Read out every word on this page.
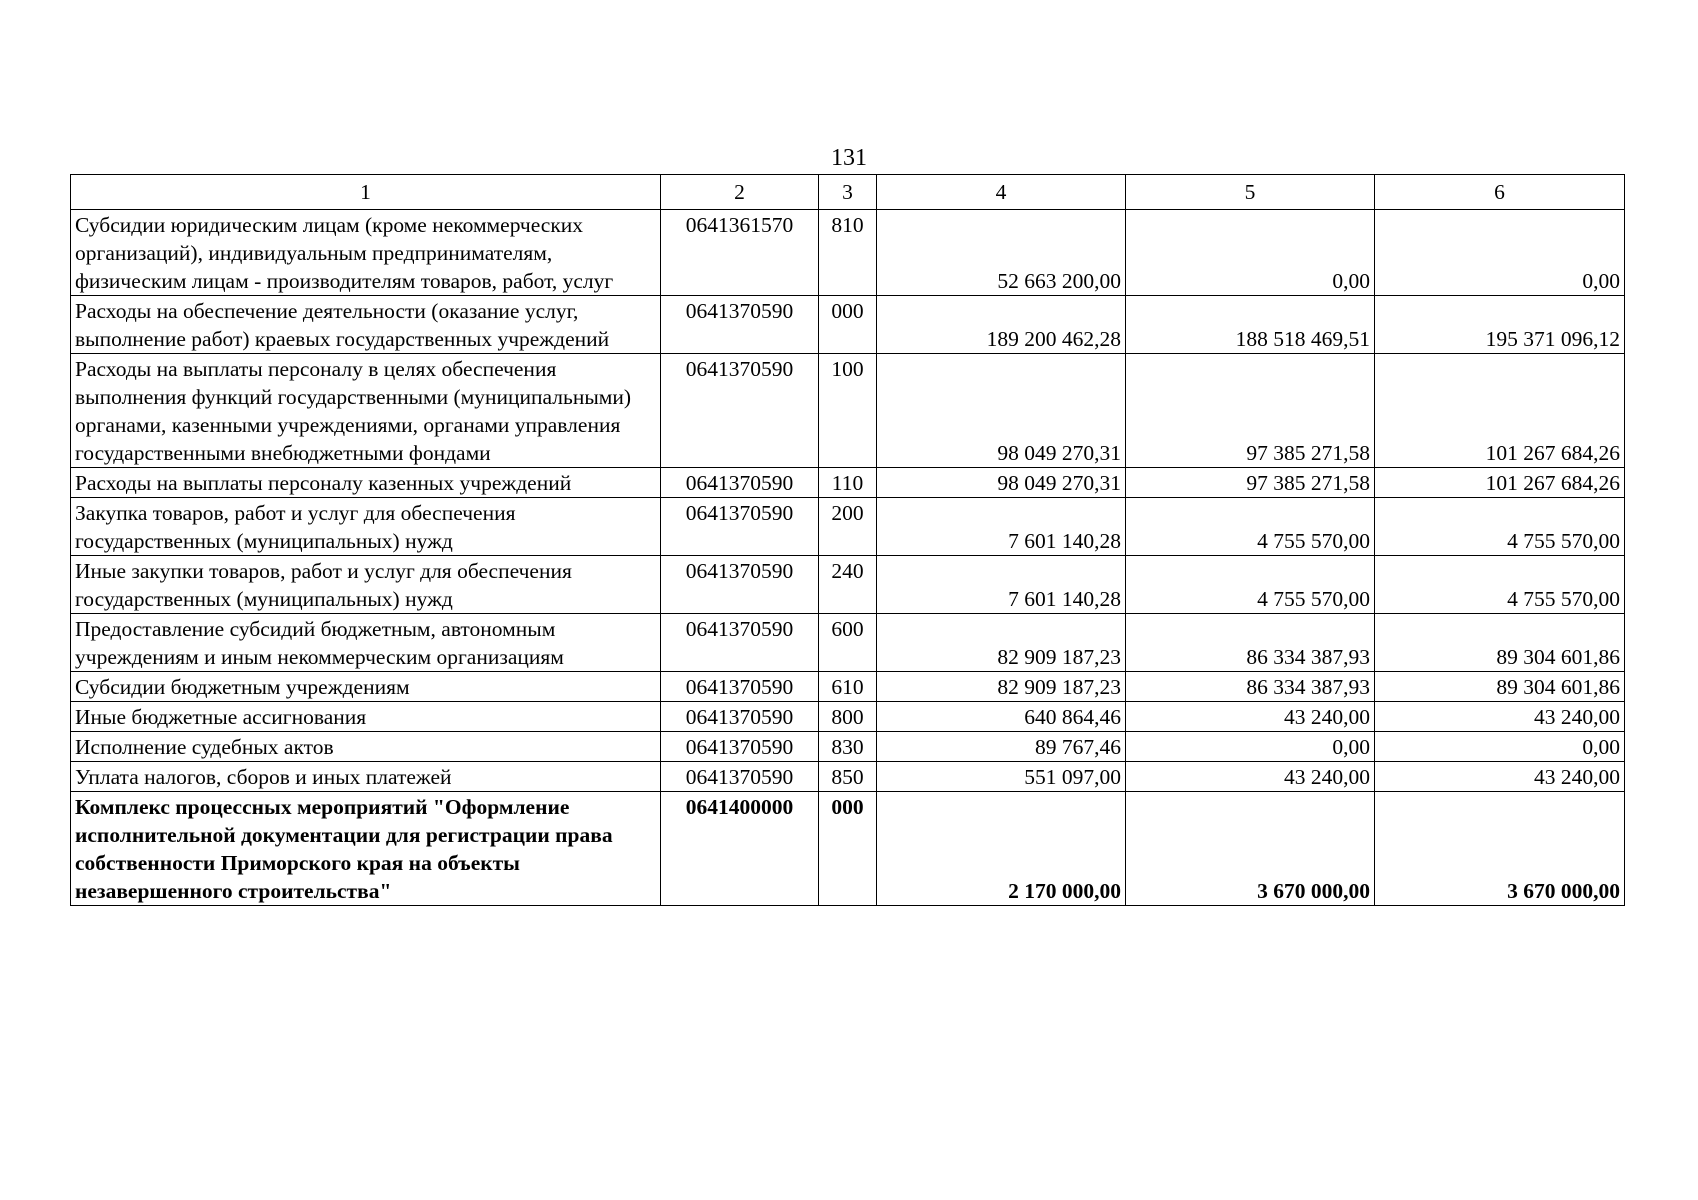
131
1	2	3	4	5	6
Субсидии юридическим лицам (кроме некоммерческих организаций), индивидуальным предпринимателям, физическим лицам - производителям товаров, работ, услуг	0641361570	810	52 663 200,00	0,00	0,00
Расходы на обеспечение деятельности (оказание услуг, выполнение работ) краевых государственных учреждений	0641370590	000	189 200 462,28	188 518 469,51	195 371 096,12
Расходы на выплаты персоналу в целях обеспечения выполнения функций государственными (муниципальными) органами, казенными учреждениями, органами управления государственными внебюджетными фондами	0641370590	100	98 049 270,31	97 385 271,58	101 267 684,26
Расходы на выплаты персоналу казенных учреждений	0641370590	110	98 049 270,31	97 385 271,58	101 267 684,26
Закупка товаров, работ и услуг для обеспечения государственных (муниципальных) нужд	0641370590	200	7 601 140,28	4 755 570,00	4 755 570,00
Иные закупки товаров, работ и услуг для обеспечения государственных (муниципальных) нужд	0641370590	240	7 601 140,28	4 755 570,00	4 755 570,00
Предоставление субсидий бюджетным, автономным учреждениям и иным некоммерческим организациям	0641370590	600	82 909 187,23	86 334 387,93	89 304 601,86
Субсидии бюджетным учреждениям	0641370590	610	82 909 187,23	86 334 387,93	89 304 601,86
Иные бюджетные ассигнования	0641370590	800	640 864,46	43 240,00	43 240,00
Исполнение судебных актов	0641370590	830	89 767,46	0,00	0,00
Уплата налогов, сборов и иных платежей	0641370590	850	551 097,00	43 240,00	43 240,00
Комплекс процессных мероприятий "Оформление исполнительной документации для регистрации права собственности Приморского края на объекты незавершенного строительства"	0641400000	000	2 170 000,00	3 670 000,00	3 670 000,00
